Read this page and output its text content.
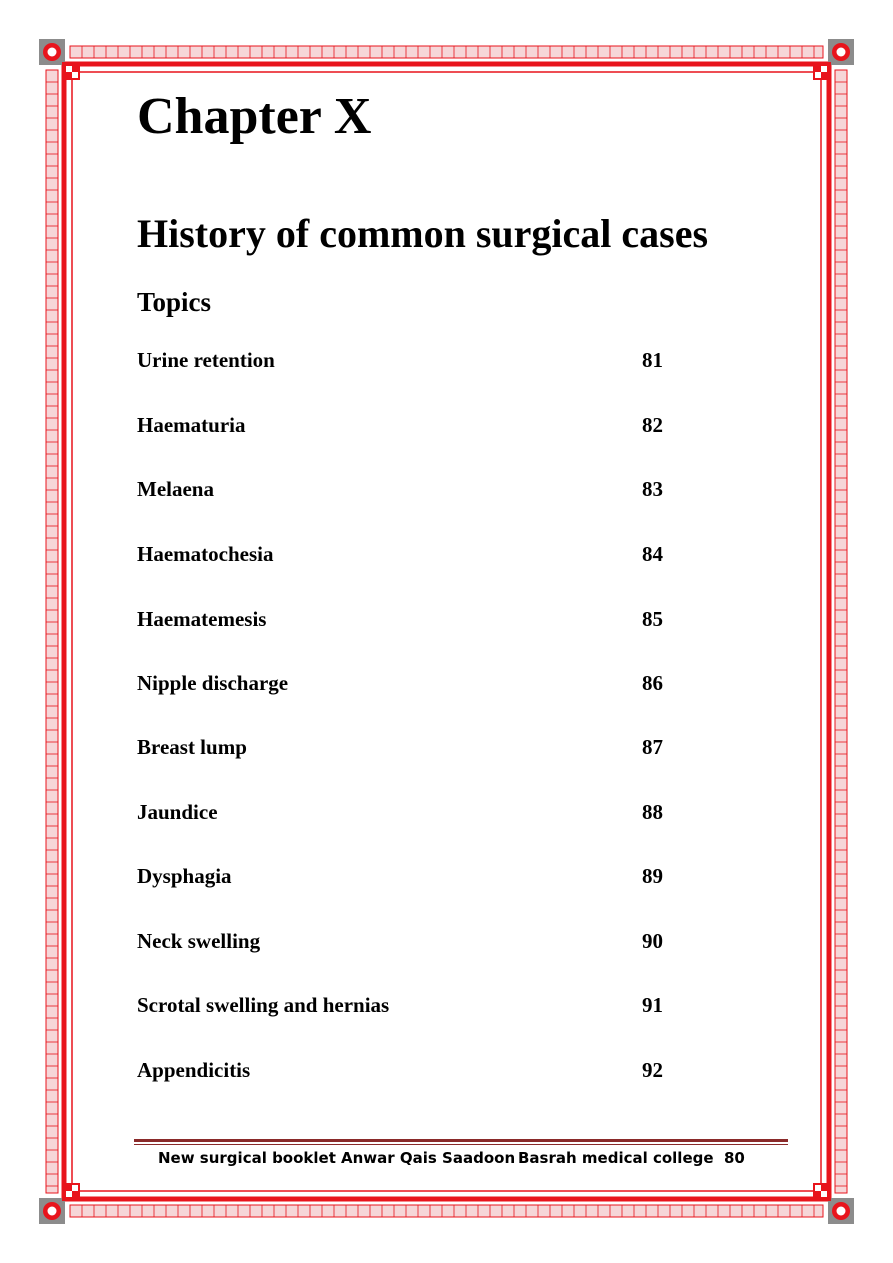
Chapter X
History of common surgical cases
Topics
Urine retention	81
Haematuria	82
Melaena	83
Haematochesia	84
Haematemesis	85
Nipple discharge	86
Breast lump	87
Jaundice	88
Dysphagia	89
Neck swelling	90
Scrotal swelling and hernias	91
Appendicitis	92
New surgical booklet Anwar Qais Saadoon Basrah medical college 80
